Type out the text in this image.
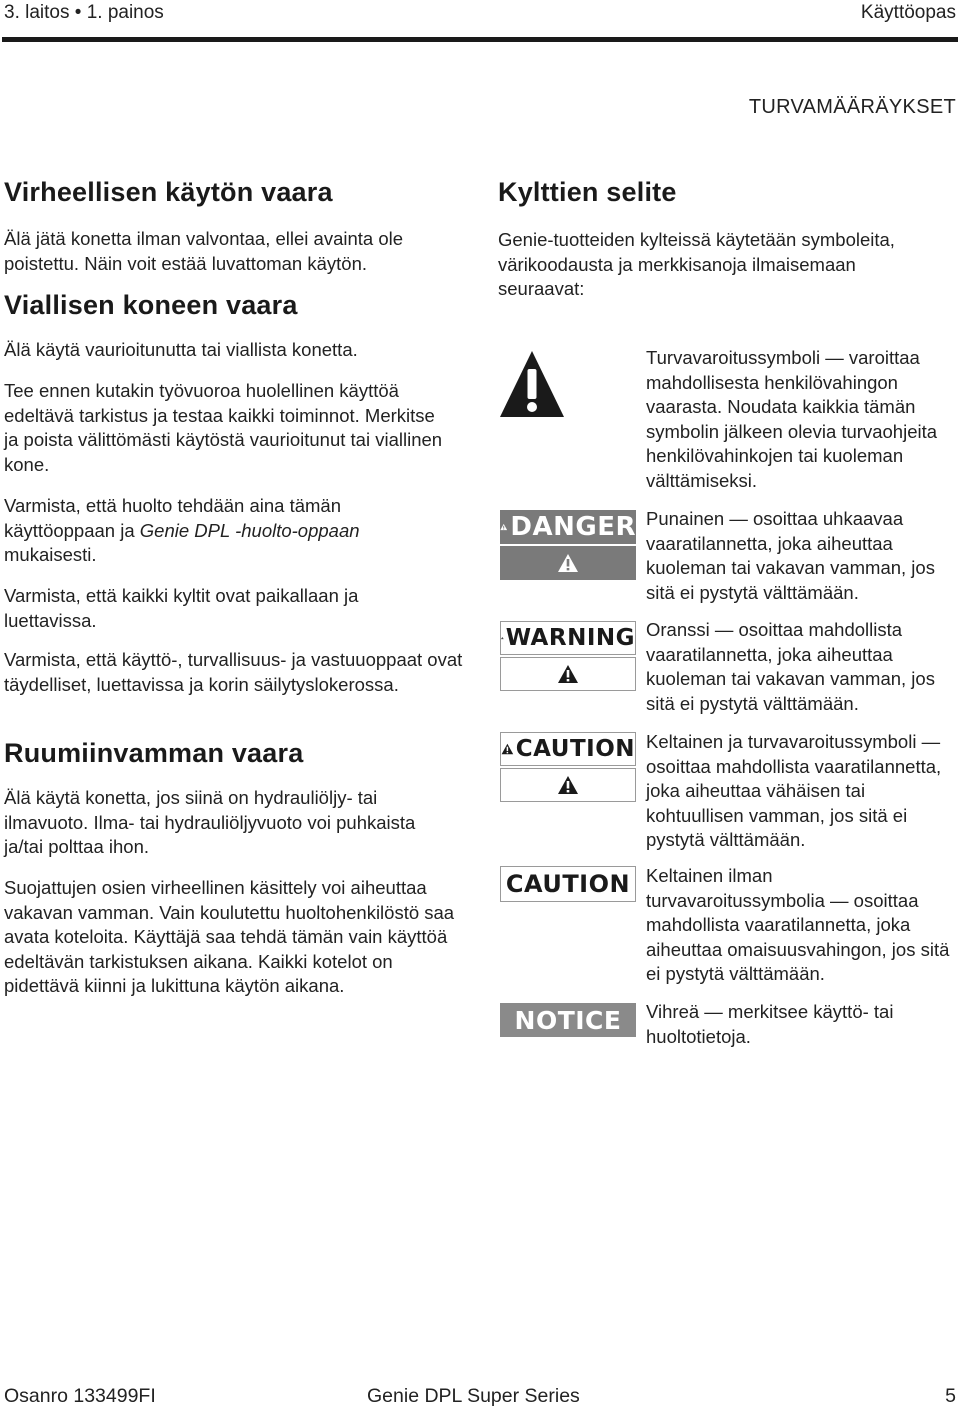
3. laitos • 1. painos	Käyttöopas
TURVAMÄÄRÄYKSET
Virheellisen käytön vaara

Älä jätä konetta ilman valvontaa, ellei avainta ole poistettu. Näin voit estää luvattoman käytön.

Viallisen koneen vaara

Älä käytä vaurioitunutta tai viallista konetta.

Tee ennen kutakin työvuoroa huolellinen käyttöä edeltävä tarkistus ja testaa kaikki toiminnot. Merkitse ja poista välittömästi käytöstä vaurioitunut tai viallinen kone.

Varmista, että huolto tehdään aina tämän käyttöoppaan ja Genie DPL -huolto-oppaan mukaisesti.

Varmista, että kaikki kyltit ovat paikallaan ja luettavissa.

Varmista, että käyttö-, turvallisuus- ja vastuuoppaat ovat täydelliset, luettavissa ja korin säilytyslokerossa.

Ruumiinvamman vaara

Älä käytä konetta, jos siinä on hydrauliöljy- tai ilmavuoto. Ilma- tai hydrauliöljyvuoto voi puhkaista ja/tai polttaa ihon.

Suojattujen osien virheellinen käsittely voi aiheuttaa vakavan vamman. Vain koulutettu huoltohenkilöstö saa avata koteloita. Käyttäjä saa tehdä tämän vain käyttöä edeltävän tarkistuksen aikana. Kaikki kotelot on pidettävä kiinni ja lukittuna käytön aikana.

Kylttien selite

Genie-tuotteiden kylteissä käytetään symboleita, värikoodausta ja merkkisanoja ilmaisemaan seuraavat:

Turvavaroitussymboli — varoittaa mahdollisesta henkilövahingon vaarasta. Noudata kaikkia tämän symbolin jälkeen olevia turvaohjeita henkilövahinkojen tai kuoleman välttämiseksi.

DANGER Punainen — osoittaa uhkaavaa vaaratilannetta, joka aiheuttaa kuoleman tai vakavan vamman, jos sitä ei pystytä välttämään.

WARNING Oranssi — osoittaa mahdollista vaaratilannetta, joka aiheuttaa kuoleman tai vakavan vamman, jos sitä ei pystytä välttämään.

CAUTION Keltainen ja turvavaroitussymboli — osoittaa mahdollista vaaratilannetta, joka aiheuttaa vähäisen tai kohtuullisen vamman, jos sitä ei pystytä välttämään.

CAUTION Keltainen ilman turvavaroitussymbolia — osoittaa mahdollista vaaratilannetta, joka aiheuttaa omaisuusvahingon, jos sitä ei pystytä välttämään.

NOTICE Vihreä — merkitsee käyttö- tai huoltotietoja.

Osanro 133499FI	Genie DPL Super Series	5
